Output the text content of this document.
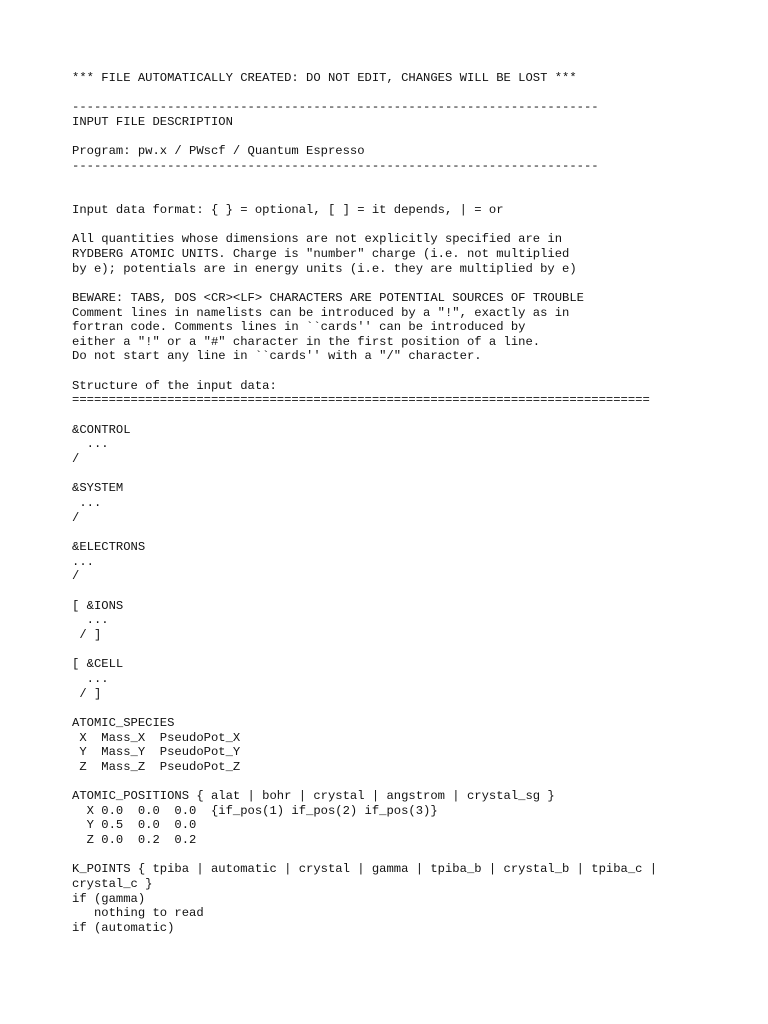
*** FILE AUTOMATICALLY CREATED: DO NOT EDIT, CHANGES WILL BE LOST ***

------------------------------------------------------------------------
INPUT FILE DESCRIPTION

Program: pw.x / PWscf / Quantum Espresso
------------------------------------------------------------------------

Input data format: { } = optional, [ ] = it depends, | = or

All quantities whose dimensions are not explicitly specified are in
RYDBERG ATOMIC UNITS. Charge is "number" charge (i.e. not multiplied
by e); potentials are in energy units (i.e. they are multiplied by e)

BEWARE: TABS, DOS <CR><LF> CHARACTERS ARE POTENTIAL SOURCES OF TROUBLE
Comment lines in namelists can be introduced by a "!", exactly as in
fortran code. Comments lines in ``cards'' can be introduced by
either a "!" or a "#" character in the first position of a line.
Do not start any line in ``cards'' with a "/" character.

Structure of the input data:
===============================================================================

&CONTROL
...
/

&SYSTEM
...
/

&ELECTRONS
...
/

[ &IONS
...
/ ]

[ &CELL
...
/ ]

ATOMIC_SPECIES
X  Mass_X  PseudoPot_X
Y  Mass_Y  PseudoPot_Y
Z  Mass_Z  PseudoPot_Z

ATOMIC_POSITIONS { alat | bohr | crystal | angstrom | crystal_sg }
X 0.0  0.0  0.0  {if_pos(1) if_pos(2) if_pos(3)}
Y 0.5  0.0  0.0
Z 0.0  0.2  0.2

K_POINTS { tpiba | automatic | crystal | gamma | tpiba_b | crystal_b | tpiba_c |
crystal_c }
if (gamma)
nothing to read
if (automatic)
